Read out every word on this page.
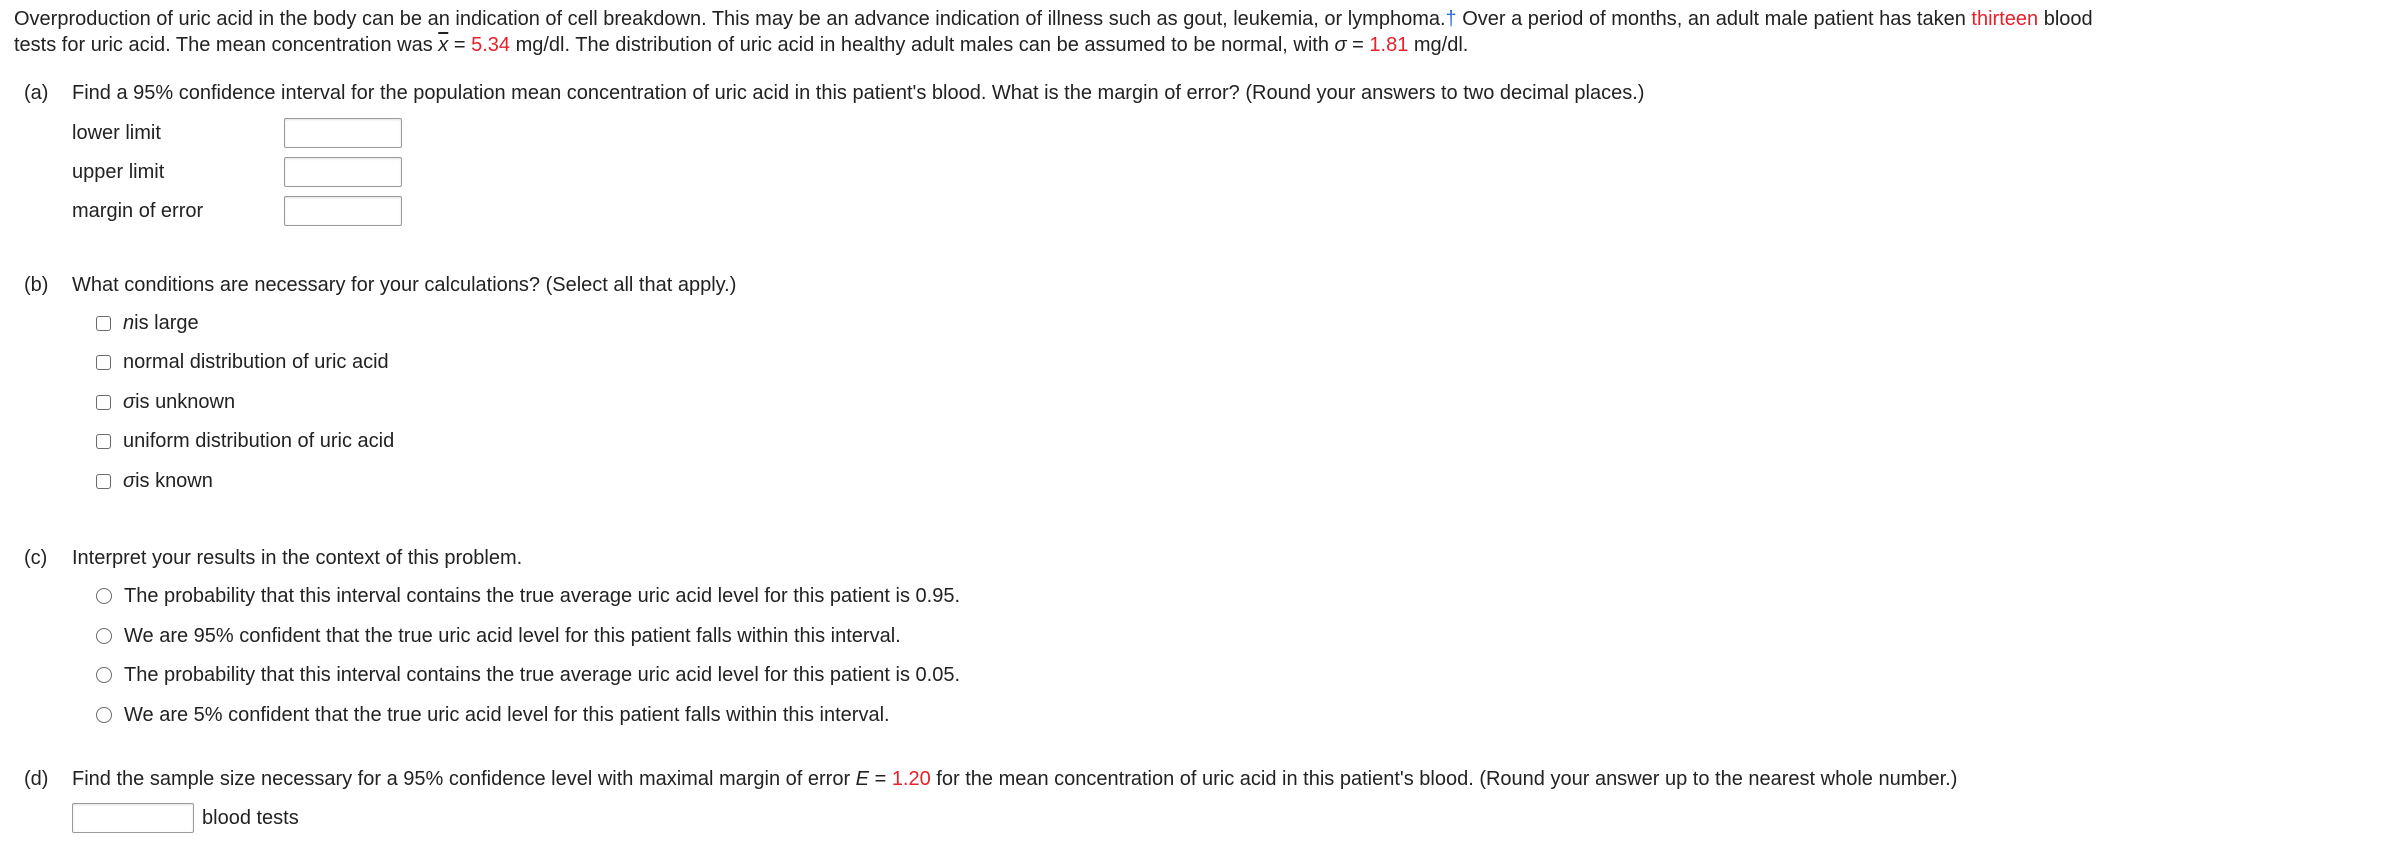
Overproduction of uric acid in the body can be an indication of cell breakdown. This may be an advance indication of illness such as gout, leukemia, or lymphoma.† Over a period of months, an adult male patient has taken thirteen blood
tests for uric acid. The mean concentration was $\overline{x} = 5.34$ mg/dl. The distribution of uric acid in healthy adult males can be assumed to be normal, with σ = 1.81 mg/dl.

(a)	Find a 95% confidence interval for the population mean concentration of uric acid in this patient's blood. What is the margin of error? (Round your answers to two decimal places.)
lower limit
upper limit
margin of error
(b)	What conditions are necessary for your calculations? (Select all that apply.)
n is large
normal distribution of uric acid
σ is unknown
uniform distribution of uric acid
σ is known
(c)	Interpret your results in the context of this problem.
The probability that this interval contains the true average uric acid level for this patient is 0.95.
We are 95% confident that the true uric acid level for this patient falls within this interval.
The probability that this interval contains the true average uric acid level for this patient is 0.05.
We are 5% confident that the true uric acid level for this patient falls within this interval.
(d)	Find the sample size necessary for a 95% confidence level with maximal margin of error E = 1.20 for the mean concentration of uric acid in this patient's blood. (Round your answer up to the nearest whole number.)
blood tests
